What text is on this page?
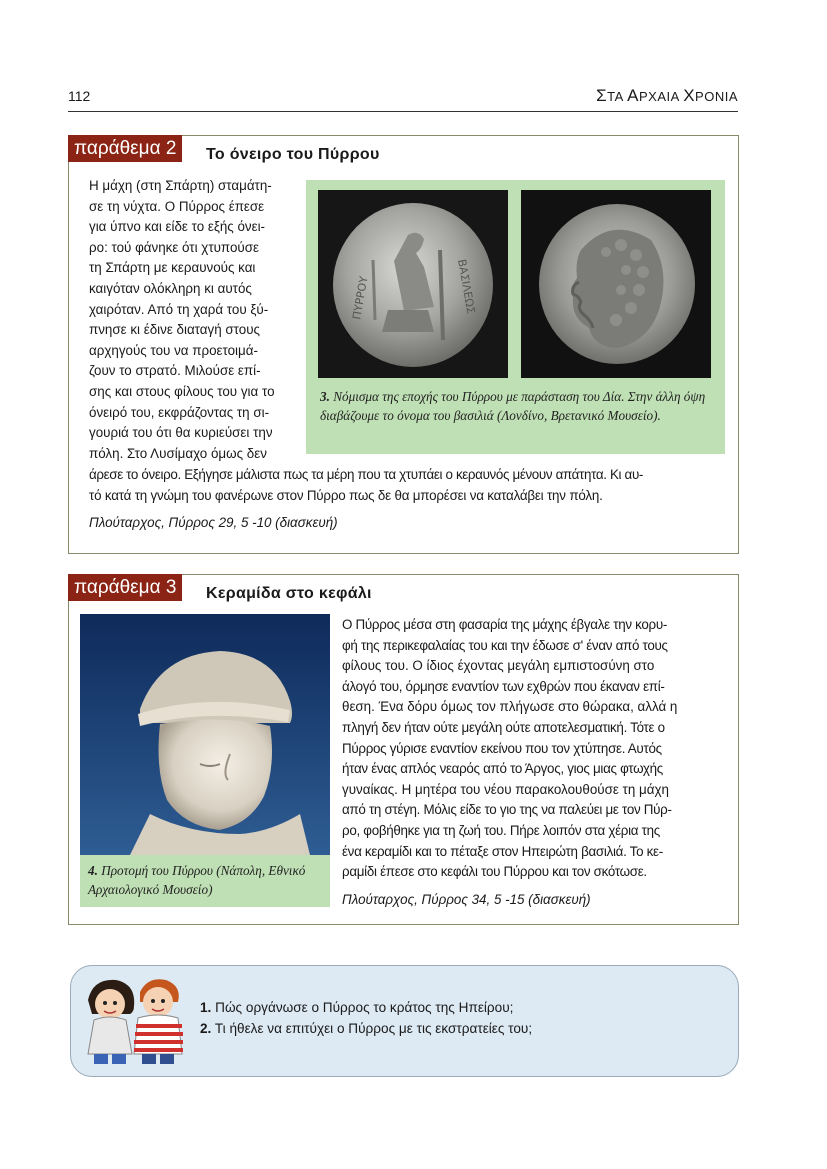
112	ΣΤΑ ΑΡΧΑΙΑ ΧΡΟΝΙΑ
παράθεμα 2	Το όνειρο του Πύρρου

Η μάχη (στη Σπάρτη) σταμάτη-

σε τη νύχτα. Ο Πύρρος έπεσε

για ύπνο και είδε το εξής όνει-

ρο: τού φάνηκε ότι χτυπούσε

τη Σπάρτη με κεραυνούς και

καιγόταν ολόκληρη κι αυτός

χαιρόταν. Από τη χαρά του ξύ-

πνησε κι έδινε διαταγή στους

αρχηγούς του να προετοιμά-

ζουν το στρατό. Μιλούσε επί-

σης και στους φίλους του για το

όνειρό του, εκφράζοντας τη σι-

γουριά του ότι θα κυριεύσει την

πόλη. Στο Λυσίμαχο όμως δεν

άρεσε το όνειρο. Εξήγησε μάλιστα πως τα μέρη που τα χτυπάει ο κεραυνός μένουν απάτητα. Κι αυ-

τό κατά τη γνώμη του φανέρωνε στον Πύρρο πως δε θα μπορέσει να καταλάβει την πόλη.

Πλούταρχος, Πύρρος 29, 5 -10 (διασκευή)
ΒΑΣΙΛΕΩΣ
ΠΥΡΡΟΥ
3. Νόμισμα της εποχής του Πύρρου με παράσταση του Δία. Στην άλλη όψη διαβάζουμε το όνομα του βασιλιά (Λονδίνο, Βρετανικό Μουσείο).
παράθεμα 3	Κεραμίδα στο κεφάλι
4. Προτομή του Πύρρου (Νάπολη, Εθνικό Αρχαιολογικό Μουσείο)

Ο Πύρρος μέσα στη φασαρία της μάχης έβγαλε την κορυ-

φή της περικεφαλαίας του και την έδωσε σ' έναν από τους

φίλους του. Ο ίδιος έχοντας μεγάλη εμπιστοσύνη στο

άλογό του, όρμησε εναντίον των εχθρών που έκαναν επί-

θεση. Ένα δόρυ όμως τον πλήγωσε στο θώρακα, αλλά η

πληγή δεν ήταν ούτε μεγάλη ούτε αποτελεσματική. Τότε ο

Πύρρος γύρισε εναντίον εκείνου που τον χτύπησε. Αυτός

ήταν ένας απλός νεαρός από το Άργος, γιος μιας φτωχής

γυναίκας. Η μητέρα του νέου παρακολουθούσε τη μάχη

από τη στέγη. Μόλις είδε το γιο της να παλεύει με τον Πύρ-

ρο, φοβήθηκε για τη ζωή του. Πήρε λοιπόν στα χέρια της

ένα κεραμίδι και το πέταξε στον Ηπειρώτη βασιλιά. Το κε-

ραμίδι έπεσε στο κεφάλι του Πύρρου και τον σκότωσε.

Πλούταρχος, Πύρρος 34, 5 -15 (διασκευή)
1. Πώς οργάνωσε ο Πύρρος το κράτος της Ηπείρου;
2. Τι ήθελε να επιτύχει ο Πύρρος με τις εκστρατείες του;
